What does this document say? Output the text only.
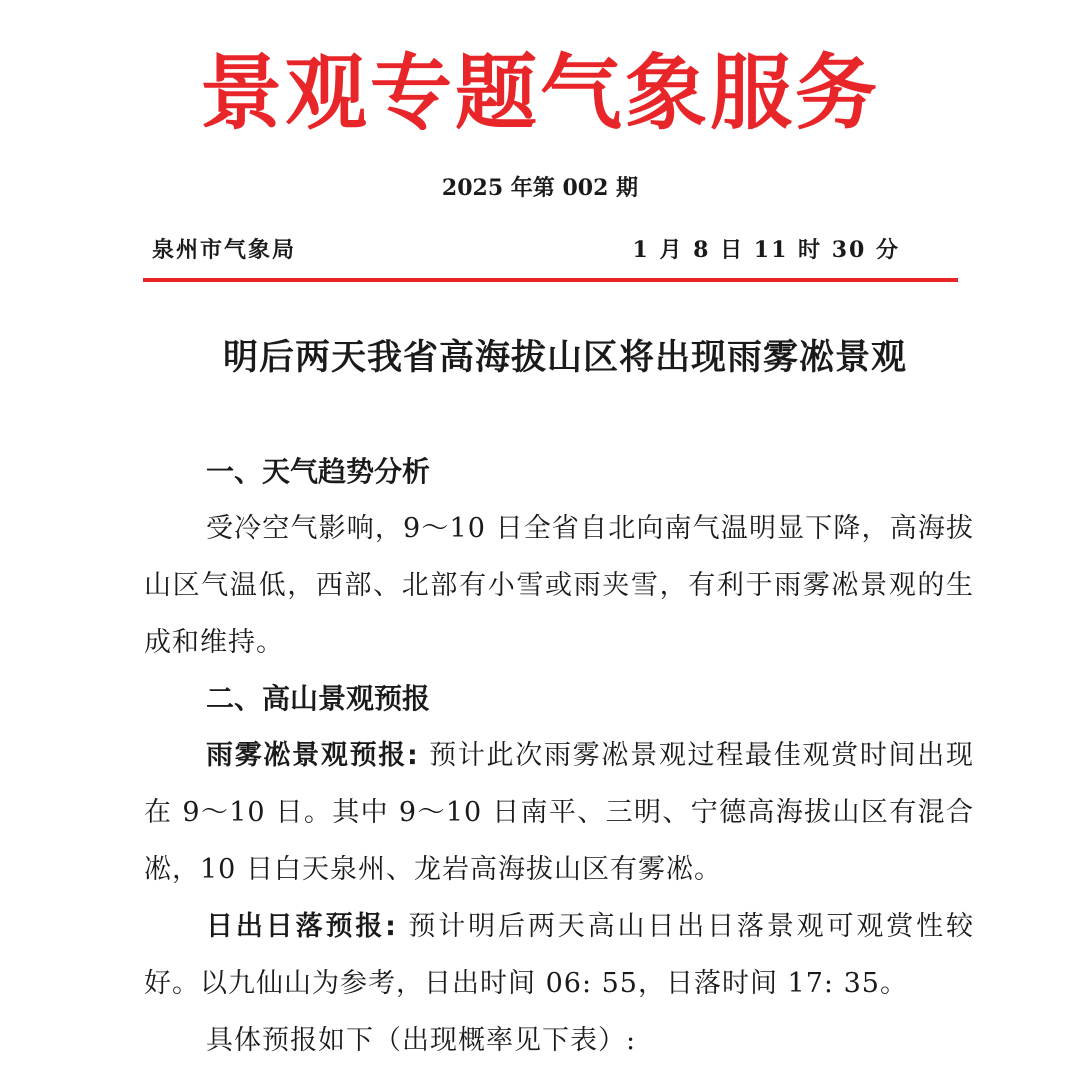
景观专题气象服务
2025 年第 002 期
泉州市气象局	1 月 8 日 11 时 30 分
明后两天我省高海拔山区将出现雨雾凇景观

一、天气趋势分析

受冷空气影响，9～10 日全省自北向南气温明显下降，高海拔山区气温低，西部、北部有小雪或雨夹雪，有利于雨雾凇景观的生成和维持。

二、高山景观预报

雨雾凇景观预报: 预计此次雨雾凇景观过程最佳观赏时间出现在 9～10 日。其中 9～10 日南平、三明、宁德高海拔山区有混合凇，10 日白天泉州、龙岩高海拔山区有雾凇。

日出日落预报: 预计明后两天高山日出日落景观可观赏性较好。以九仙山为参考，日出时间 06: 55，日落时间 17: 35。

具体预报如下（出现概率见下表）:
